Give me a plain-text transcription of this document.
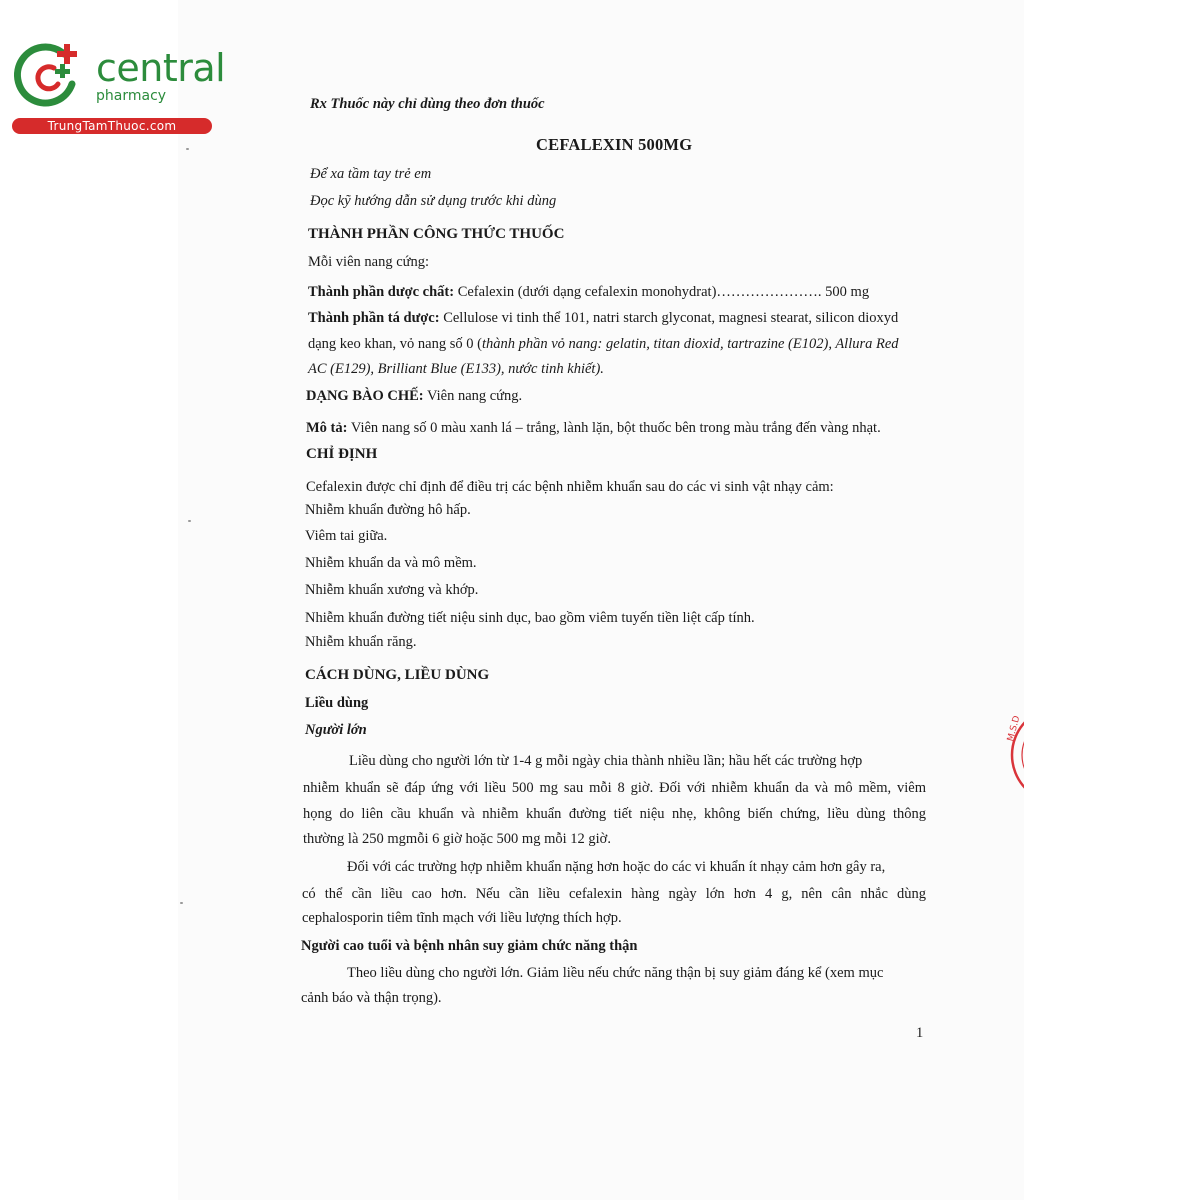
central
pharmacy
TrungTamThuoc.com
Rx Thuốc này chỉ dùng theo đơn thuốc
CEFALEXIN 500MG
Để xa tầm tay trẻ em
Đọc kỹ hướng dẫn sử dụng trước khi dùng
THÀNH PHẦN CÔNG THỨC THUỐC
Mỗi viên nang cứng:
Thành phần dược chất: Cefalexin (dưới dạng cefalexin monohydrat)…………………. 500 mg
Thành phần tá dược: Cellulose vi tinh thể 101, natri starch glyconat, magnesi stearat, silicon dioxyd
dạng keo khan, vỏ nang số 0 (thành phần vỏ nang: gelatin, titan dioxid, tartrazine (E102), Allura Red
AC (E129), Brilliant Blue (E133), nước tinh khiết).
DẠNG BÀO CHẾ: Viên nang cứng.
Mô tả: Viên nang số 0 màu xanh lá – trắng, lành lặn, bột thuốc bên trong màu trắng đến vàng nhạt.
CHỈ ĐỊNH
Cefalexin được chỉ định để điều trị các bệnh nhiễm khuẩn sau do các vi sinh vật nhạy cảm:
Nhiễm khuẩn đường hô hấp.
Viêm tai giữa.
Nhiễm khuẩn da và mô mềm.
Nhiễm khuẩn xương và khớp.
Nhiễm khuẩn đường tiết niệu sinh dục, bao gồm viêm tuyến tiền liệt cấp tính.
Nhiễm khuẩn răng.
CÁCH DÙNG, LIỀU DÙNG
Liều dùng
Người lớn
Liều dùng cho người lớn từ 1-4 g mỗi ngày chia thành nhiều lần; hầu hết các trường hợp
nhiễm khuẩn sẽ đáp ứng với liều 500 mg sau mỗi 8 giờ. Đối với nhiễm khuẩn da và mô mềm, viêm
họng do liên cầu khuẩn và nhiễm khuẩn đường tiết niệu nhẹ, không biến chứng, liều dùng thông
thường là 250 mgmỗi 6 giờ hoặc 500 mg mỗi 12 giờ.
Đối với các trường hợp nhiễm khuẩn nặng hơn hoặc do các vi khuẩn ít nhạy cảm hơn gây ra,
có thể cần liều cao hơn. Nếu cần liều cefalexin hàng ngày lớn hơn 4 g, nên cân nhắc dùng
cephalosporin tiêm tĩnh mạch với liều lượng thích hợp.
Người cao tuổi và bệnh nhân suy giảm chức năng thận
Theo liều dùng cho người lớn. Giảm liều nếu chức năng thận bị suy giảm đáng kể (xem mục
cảnh báo và thận trọng).
1
M.S.D
